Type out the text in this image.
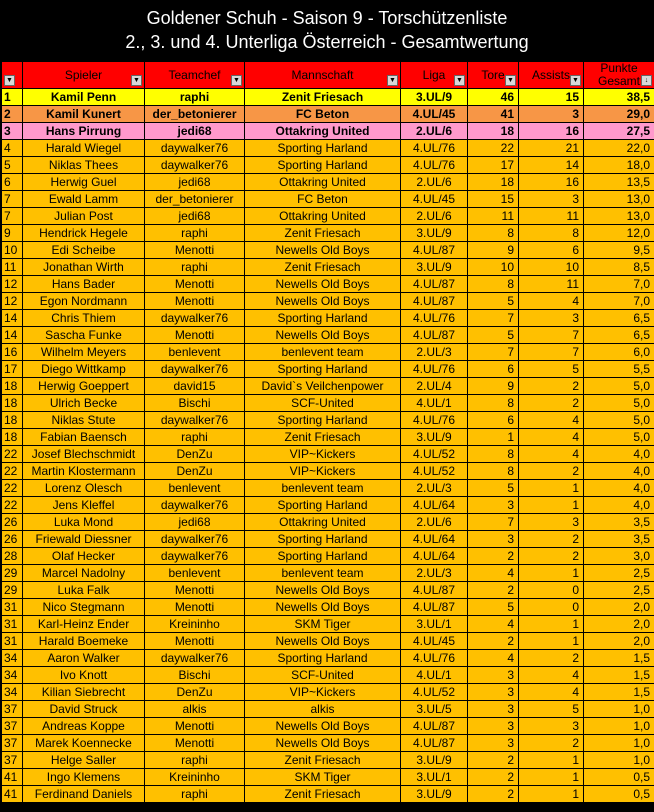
Goldener Schuh - Saison 9 - Torschützenliste
2., 3. und 4. Unterliga Österreich - Gesamtwertung
▼	Spieler ▼	Teamchef ▼	Mannschaft ▼	Liga ▼	Tore ▼	Assists ▼	Punkte
Gesamt ↓

1	Kamil Penn	raphi	Zenit Friesach	3.UL/9	46	15	38,5
2	Kamil Kunert	der_betonierer	FC Beton	4.UL/45	41	3	29,0
3	Hans Pirrung	jedi68	Ottakring United	2.UL/6	18	16	27,5
4	Harald Wiegel	daywalker76	Sporting Harland	4.UL/76	22	21	22,0
5	Niklas Thees	daywalker76	Sporting Harland	4.UL/76	17	14	18,0
6	Herwig Guel	jedi68	Ottakring United	2.UL/6	18	16	13,5
7	Ewald Lamm	der_betonierer	FC Beton	4.UL/45	15	3	13,0
7	Julian Post	jedi68	Ottakring United	2.UL/6	11	11	13,0
9	Hendrick Hegele	raphi	Zenit Friesach	3.UL/9	8	8	12,0
10	Edi Scheibe	Menotti	Newells Old Boys	4.UL/87	9	6	9,5
11	Jonathan Wirth	raphi	Zenit Friesach	3.UL/9	10	10	8,5
12	Hans Bader	Menotti	Newells Old Boys	4.UL/87	8	11	7,0
12	Egon Nordmann	Menotti	Newells Old Boys	4.UL/87	5	4	7,0
14	Chris Thiem	daywalker76	Sporting Harland	4.UL/76	7	3	6,5
14	Sascha Funke	Menotti	Newells Old Boys	4.UL/87	5	7	6,5
16	Wilhelm Meyers	benlevent	benlevent team	2.UL/3	7	7	6,0
17	Diego Wittkamp	daywalker76	Sporting Harland	4.UL/76	6	5	5,5
18	Herwig Goeppert	david15	David`s Veilchenpower	2.UL/4	9	2	5,0
18	Ulrich Becke	Bischi	SCF-United	4.UL/1	8	2	5,0
18	Niklas Stute	daywalker76	Sporting Harland	4.UL/76	6	4	5,0
18	Fabian Baensch	raphi	Zenit Friesach	3.UL/9	1	4	5,0
22	Josef Blechschmidt	DenZu	VIP~Kickers	4.UL/52	8	4	4,0
22	Martin Klostermann	DenZu	VIP~Kickers	4.UL/52	8	2	4,0
22	Lorenz Olesch	benlevent	benlevent team	2.UL/3	5	1	4,0
22	Jens Kleffel	daywalker76	Sporting Harland	4.UL/64	3	1	4,0
26	Luka Mond	jedi68	Ottakring United	2.UL/6	7	3	3,5
26	Friewald Diessner	daywalker76	Sporting Harland	4.UL/64	3	2	3,5
28	Olaf Hecker	daywalker76	Sporting Harland	4.UL/64	2	2	3,0
29	Marcel Nadolny	benlevent	benlevent team	2.UL/3	4	1	2,5
29	Luka Falk	Menotti	Newells Old Boys	4.UL/87	2	0	2,5
31	Nico Stegmann	Menotti	Newells Old Boys	4.UL/87	5	0	2,0
31	Karl-Heinz Ender	Kreininho	SKM Tiger	3.UL/1	4	1	2,0
31	Harald Boemeke	Menotti	Newells Old Boys	4.UL/45	2	1	2,0
34	Aaron Walker	daywalker76	Sporting Harland	4.UL/76	4	2	1,5
34	Ivo Knott	Bischi	SCF-United	4.UL/1	3	4	1,5
34	Kilian Siebrecht	DenZu	VIP~Kickers	4.UL/52	3	4	1,5
37	David Struck	alkis	alkis	3.UL/5	3	5	1,0
37	Andreas Koppe	Menotti	Newells Old Boys	4.UL/87	3	3	1,0
37	Marek Koennecke	Menotti	Newells Old Boys	4.UL/87	3	2	1,0
37	Helge Saller	raphi	Zenit Friesach	3.UL/9	2	1	1,0
41	Ingo Klemens	Kreininho	SKM Tiger	3.UL/1	2	1	0,5
41	Ferdinand Daniels	raphi	Zenit Friesach	3.UL/9	2	1	0,5
